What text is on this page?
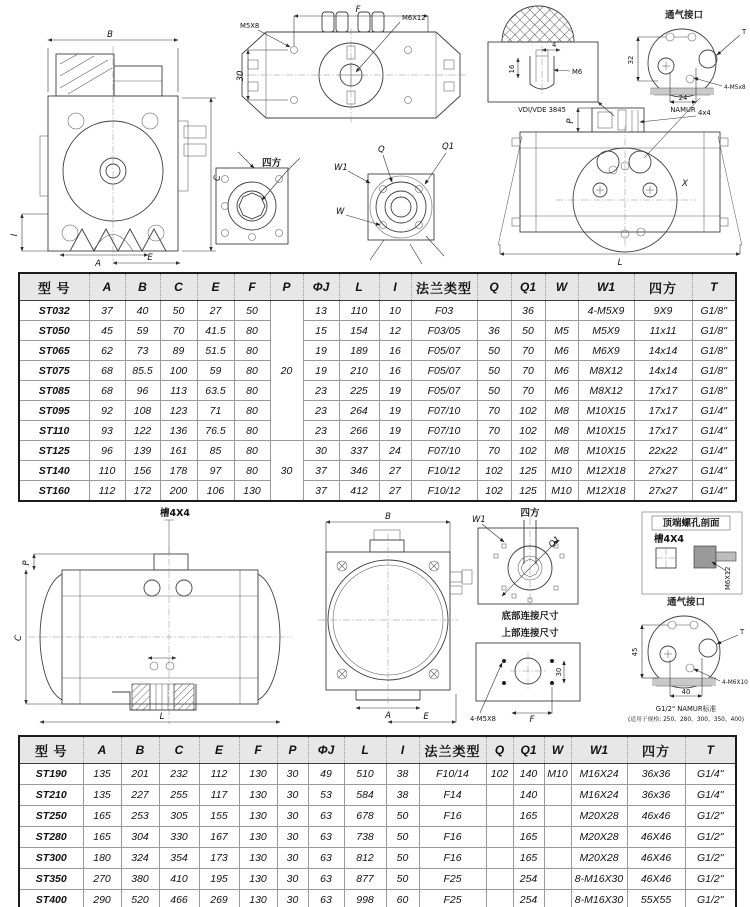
B
C
I
A
E
F
M5X8
M6X12
30
四方
Q	Q1
W1
W
4
M6
16
VDI/VDE 3845
通气接口
32
24
NAMUR
T
4-M5x8
4x4
P
X
L
槽4X4
P
C
L
B
A	E
四方
W1
Q1
底部连接尺寸
上部连接尺寸
30
4-M5X8	F
顶端螺孔剖面
槽4X4
M6X12
通气接口
45
40
T
4-M6X10
G1/2" NAMUR标准
(适用于规格: 250、280、300、350、400)
型 号	A	B	C	E	F	P	ΦJ	L	I	法兰类型	Q	Q1	W	W1	四方	T
ST032	37	40	50	27	50	20	13	110	10	F03		36		4-M5X9	9X9	G1/8"
ST050	45	59	70	41.5	80		15	154	12	F03/05	36	50	M5	M5X9	11x11	G1/8"
ST065	62	73	89	51.5	80		19	189	16	F05/07	50	70	M6	M6X9	14x14	G1/8"
ST075	68	85.5	100	59	80		19	210	16	F05/07	50	70	M6	M8X12	14x14	G1/8"
ST085	68	96	113	63.5	80		23	225	19	F05/07	50	70	M6	M8X12	17x17	G1/8"
ST095	92	108	123	71	80		23	264	19	F07/10	70	102	M8	M10X15	17x17	G1/4"
ST110	93	122	136	76.5	80		23	266	19	F07/10	70	102	M8	M10X15	17x17	G1/4"
ST125	96	139	161	85	80	30	30	337	24	F07/10	70	102	M8	M10X15	22x22	G1/4"
ST140	110	156	178	97	80		37	346	27	F10/12	102	125	M10	M12X18	27x27	G1/4"
ST160	112	172	200	106	130		37	412	27	F10/12	102	125	M10	M12X18	27x27	G1/4"
型 号	A	B	C	E	F	P	ΦJ	L	I	法兰类型	Q	Q1	W	W1	四方	T
ST190	135	201	232	112	130	30	49	510	38	F10/14	102	140	M10	M16X24	36x36	G1/4"
ST210	135	227	255	117	130	30	53	584	38	F14		140		M16X24	36x36	G1/4"
ST250	165	253	305	155	130	30	63	678	50	F16		165		M20X28	46x46	G1/2"
ST280	165	304	330	167	130	30	63	738	50	F16		165		M20X28	46X46	G1/2"
ST300	180	324	354	173	130	30	63	812	50	F16		165		M20X28	46X46	G1/2"
ST350	270	380	410	195	130	30	63	877	50	F25		254		8-M16X30	46X46	G1/2"
ST400	290	520	466	269	130	30	63	998	60	F25		254		8-M16X30	55X55	G1/2"
